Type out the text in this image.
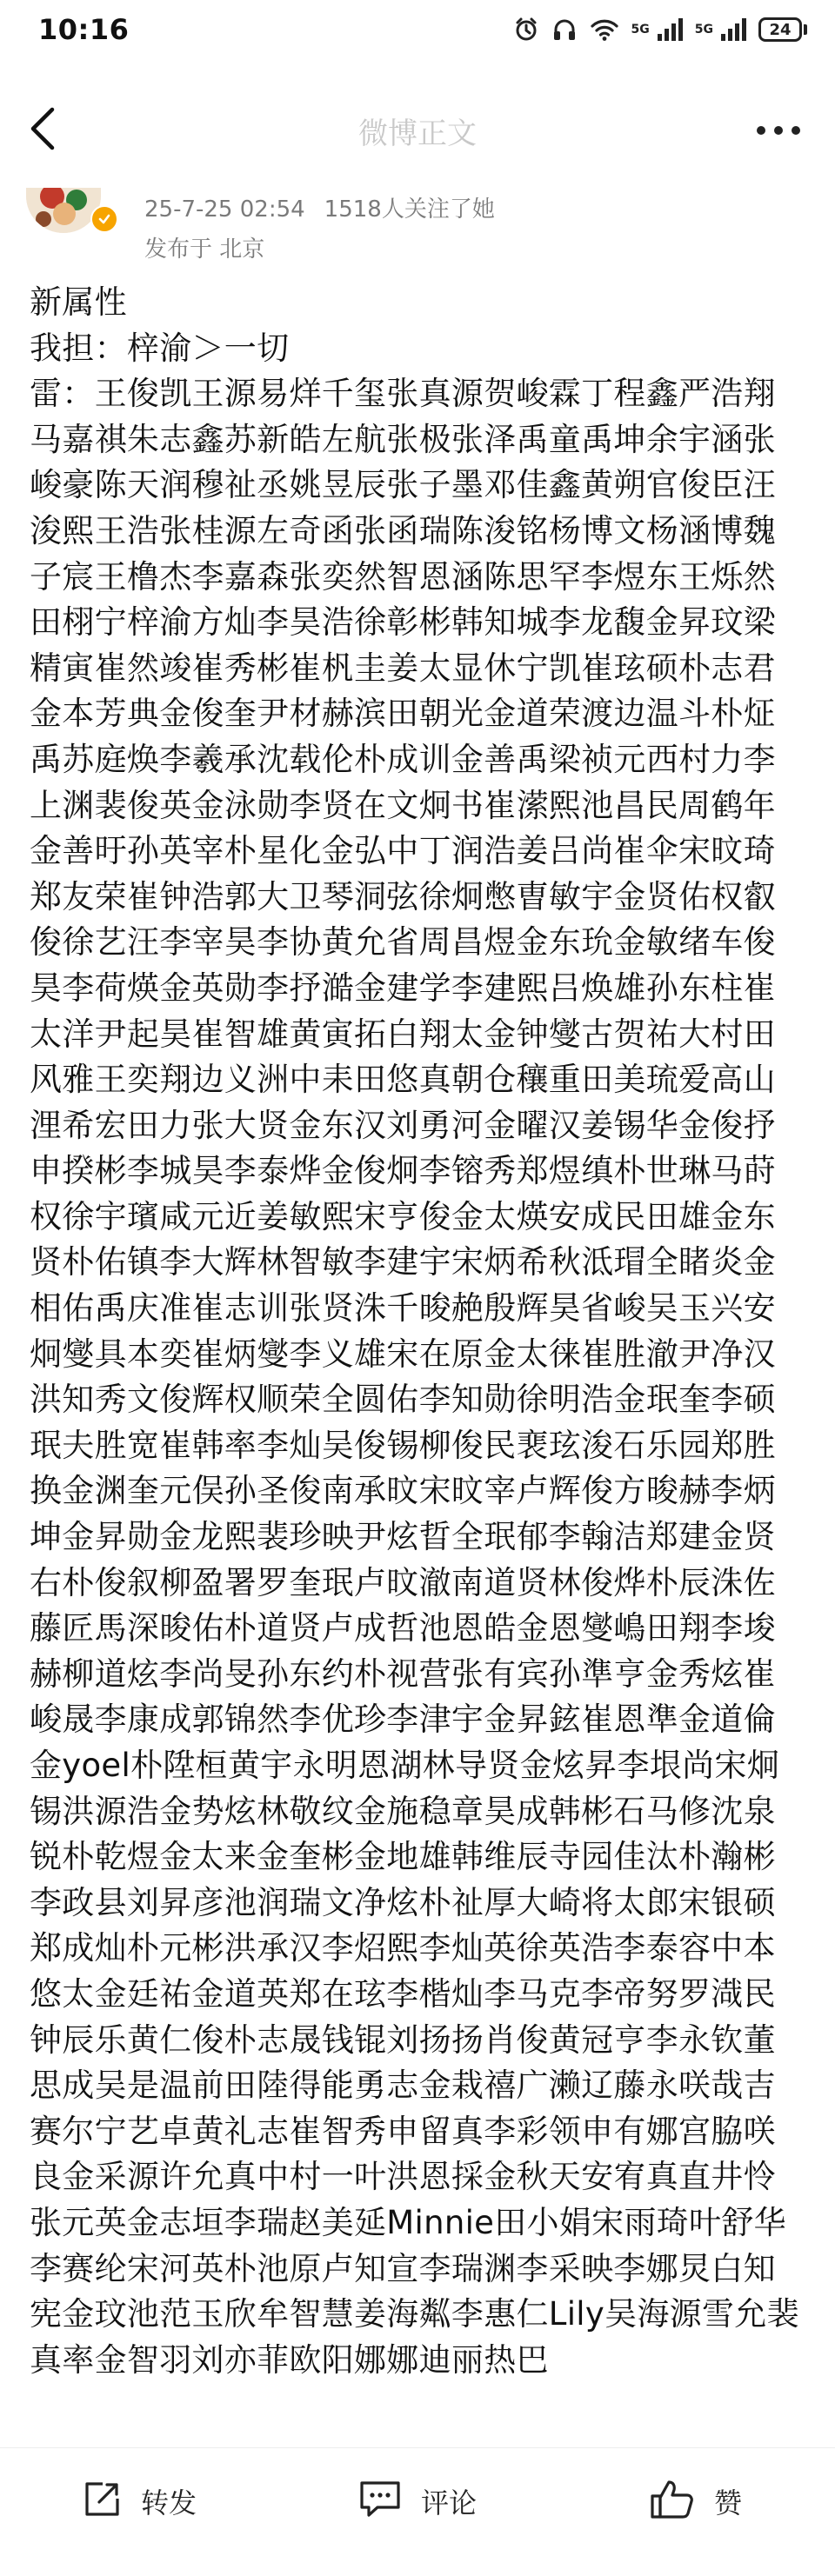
10:16	5G	5G	24
微博正文
25-7-25 02:54 1518人关注了她
发布于 北京

新属性

我担：梓渝＞一切

雷：王俊凯王源易烊千玺张真源贺峻霖丁程鑫严浩翔马嘉祺朱志鑫苏新皓左航张极张泽禹童禹坤余宇涵张峻豪陈天润穆祉丞姚昱辰张子墨邓佳鑫黄朔官俊臣汪浚熙王浩张桂源左奇函张函瑞陈浚铭杨博文杨涵博魏子宸王橹杰李嘉森张奕然智恩涵陈思罕李煜东王烁然田栩宁梓渝方灿李昊浩徐彰彬韩知城李龙馥金昇玟梁精寅崔然竣崔秀彬崔杋圭姜太显休宁凯崔玹硕朴志君金本芳典金俊奎尹材赫滨田朝光金道荣渡边温斗朴炡禹苏庭焕李羲承沈载伦朴成训金善禹梁祯元西村力李上渊裴俊英金泳勋李贤在文炯书崔潆熙池昌民周鹤年金善旴孙英宰朴星化金弘中丁润浩姜吕尚崔伞宋旼琦郑友荣崔钟浩郭大卫琴洞弦徐炯憋曺敏宇金贤佑权叡俊徐艺汪李宰昊李协黄允省周昌煜金东玧金敏绪车俊昊李荷煐金英勋李抒澔金建学李建熙吕焕雄孙东柱崔太洋尹起昊崔智雄黄寅拓白翔太金钟燮古贺祐大村田风雅王奕翔边义洲中耒田悠真朝仓穰重田美琉爱高山浬希宏田力张大贤金东汉刘勇河金曜汉姜锡华金俊抒申揆彬李城昊李泰烨金俊炯李镕秀郑煜缜朴世琳马莳权徐宇璸咸元近姜敏熙宋亨俊金太煐安成民田雄金东贤朴佑镇李大辉林智敏李建宇宋炳希秋泜瑁全睹炎金相佑禹庆准崔志训张贤洙千晙赩殷辉昊省峻吴玉兴安炯燮具本奕崔炳燮李义雄宋在原金太徕崔胜澈尹净汉洪知秀文俊辉权顺荣全圆佑李知勋徐明浩金珉奎李硕珉夫胜宽崔韩率李灿吴俊锡柳俊民裵玹浚石乐园郑胜换金渊奎元俣孙圣俊南承旼宋旼宰卢辉俊方晙赫李炳坤金昇勋金龙熙裴珍映尹炫晢全珉郁李翰洁郑建金贤右朴俊叙柳盈署罗奎珉卢旼澈南道贤林俊烨朴辰洙佐藤匠馬深晙佑朴道贤卢成哲池恩皓金恩燮嶋田翔李埈赫柳道炫李尚旻孙东约朴视营张有宾孙準亨金秀炫崔峻晟李康成郭锦然李优珍李津宇金昇鉉崔恩準金道倫金yoel朴陞桓黄宇永明恩湖林导贤金炫昇李垠尚宋炯锡洪源浩金势炫林敬纹金施稳章昊成韩彬石马修沈泉锐朴乾煜金太来金奎彬金地雄韩维辰寺园佳汰朴瀚彬李政县刘昇彦池润瑞文净炫朴祉厚大崎将太郎宋银硕郑成灿朴元彬洪承汉李炤熙李灿英徐英浩李泰容中本悠太金廷祐金道英郑在玹李楷灿李马克李帝努罗渽民钟辰乐黄仁俊朴志晟钱锟刘扬扬肖俊黄冠亨李永钦董思成吴是温前田陸得能勇志金栽禧广濑辽藤永咲哉吉赛尔宁艺卓黄礼志崔智秀申留真李彩领申有娜宫脇咲良金采源许允真中村一叶洪恩採金秋天安宥真直井怜张元英金志垣李瑞赵美延Minnie田小娟宋雨琦叶舒华李赛纶宋河英朴池原卢知宣李瑞渊李采映李娜炅白知宪金玟池范玉欣牟智慧姜海粼李惠仁Lily吴海源雪允裴真率金智羽刘亦菲欧阳娜娜迪丽热巴

转发	评论	赞
